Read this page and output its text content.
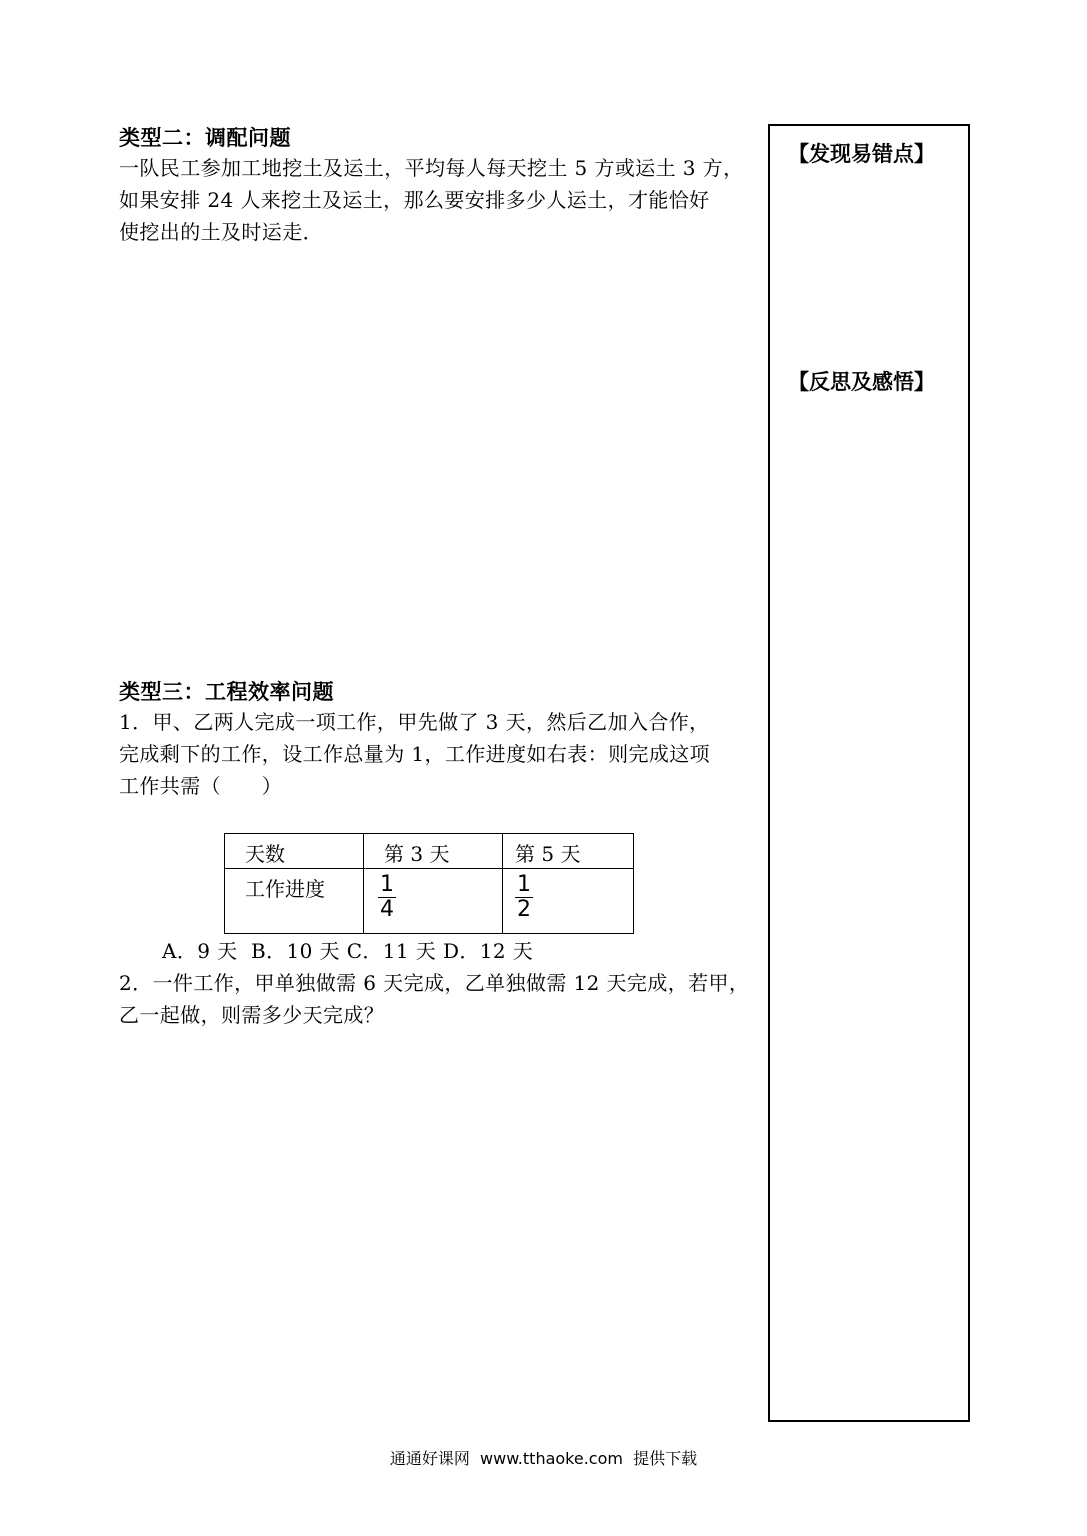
类型二：调配问题
一队民工参加工地挖土及运土，平均每人每天挖土 5 方或运土 3 方，
如果安排 24 人来挖土及运土，那么要安排多少人运土，才能恰好
使挖出的土及时运走．
【发现易错点】
【反思及感悟】
类型三：工程效率问题
1．甲、乙两人完成一项工作，甲先做了 3 天，然后乙加入合作，
完成剩下的工作，设工作总量为 1，工作进度如右表：则完成这项
工作共需（　　）
天数	第 3 天	第 5 天
工作进度	$\frac{1}{4}$	$\frac{1}{2}$
A．9 天  B．10 天 C．11 天 D．12 天
2．一件工作，甲单独做需 6 天完成，乙单独做需 12 天完成，若甲，
乙一起做，则需多少天完成？
通通好课网  www.tthaoke.com  提供下载
